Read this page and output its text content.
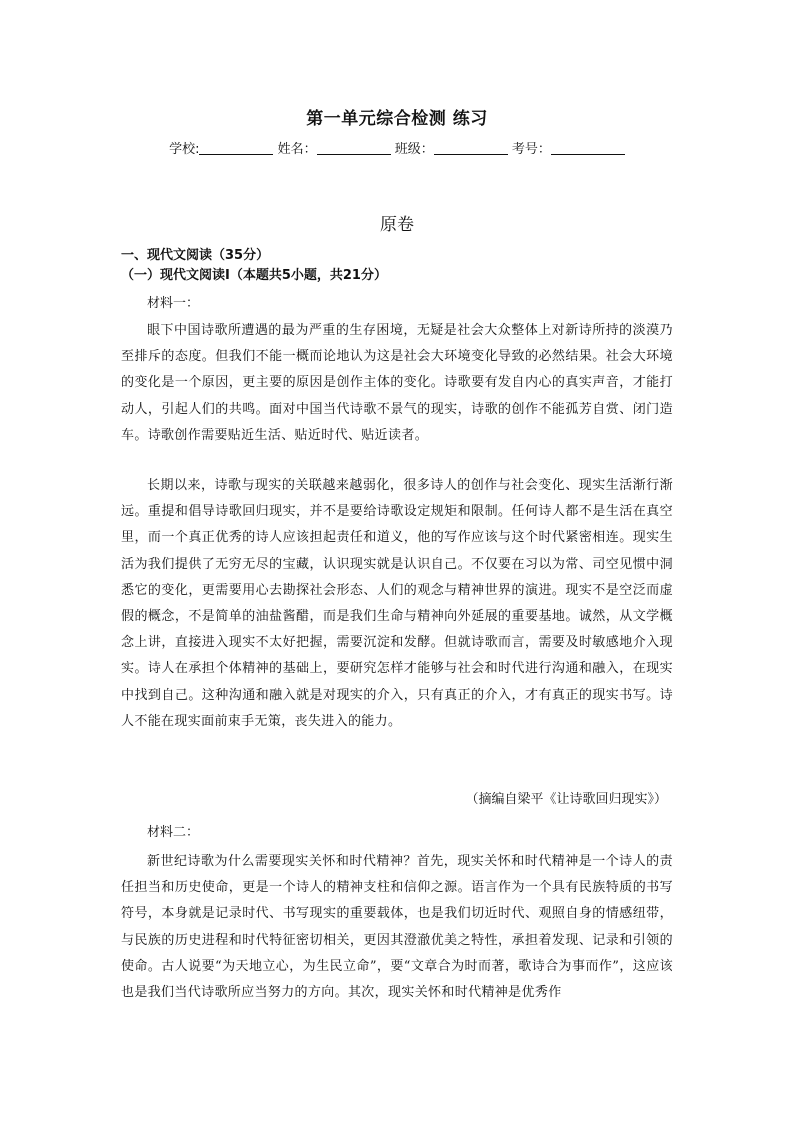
第一单元综合检测 练习
学校:	姓名：	班级：	考号：
原卷
一、现代文阅读（35分）
（一）现代文阅读Ⅰ（本题共5小题，共21分）
材料一：
眼下中国诗歌所遭遇的最为严重的生存困境，无疑是社会大众整体上对新诗所持的淡漠乃至排斥的态度。但我们不能一概而论地认为这是社会大环境变化导致的必然结果。社会大环境的变化是一个原因，更主要的原因是创作主体的变化。诗歌要有发自内心的真实声音，才能打动人，引起人们的共鸣。面对中国当代诗歌不景气的现实，诗歌的创作不能孤芳自赏、闭门造车。诗歌创作需要贴近生活、贴近时代、贴近读者。
长期以来，诗歌与现实的关联越来越弱化，很多诗人的创作与社会变化、现实生活渐行渐远。重提和倡导诗歌回归现实，并不是要给诗歌设定规矩和限制。任何诗人都不是生活在真空里，而一个真正优秀的诗人应该担起责任和道义，他的写作应该与这个时代紧密相连。现实生活为我们提供了无穷无尽的宝藏，认识现实就是认识自己。不仅要在习以为常、司空见惯中洞悉它的变化，更需要用心去勘探社会形态、人们的观念与精神世界的演进。现实不是空泛而虚假的概念，不是简单的油盐酱醋，而是我们生命与精神向外延展的重要基地。诚然，从文学概念上讲，直接进入现实不太好把握，需要沉淀和发酵。但就诗歌而言，需要及时敏感地介入现实。诗人在承担个体精神的基础上，要研究怎样才能够与社会和时代进行沟通和融入，在现实中找到自己。这种沟通和融入就是对现实的介入，只有真正的介入，才有真正的现实书写。诗人不能在现实面前束手无策，丧失进入的能力。
（摘编自梁平《让诗歌回归现实》）
材料二：
新世纪诗歌为什么需要现实关怀和时代精神？首先，现实关怀和时代精神是一个诗人的责任担当和历史使命，更是一个诗人的精神支柱和信仰之源。语言作为一个具有民族特质的书写符号，本身就是记录时代、书写现实的重要载体，也是我们切近时代、观照自身的情感纽带，与民族的历史进程和时代特征密切相关，更因其澄澈优美之特性，承担着发现、记录和引领的使命。古人说要“为天地立心，为生民立命”，要“文章合为时而著，歌诗合为事而作”，这应该也是我们当代诗歌所应当努力的方向。其次，现实关怀和时代精神是优秀作
